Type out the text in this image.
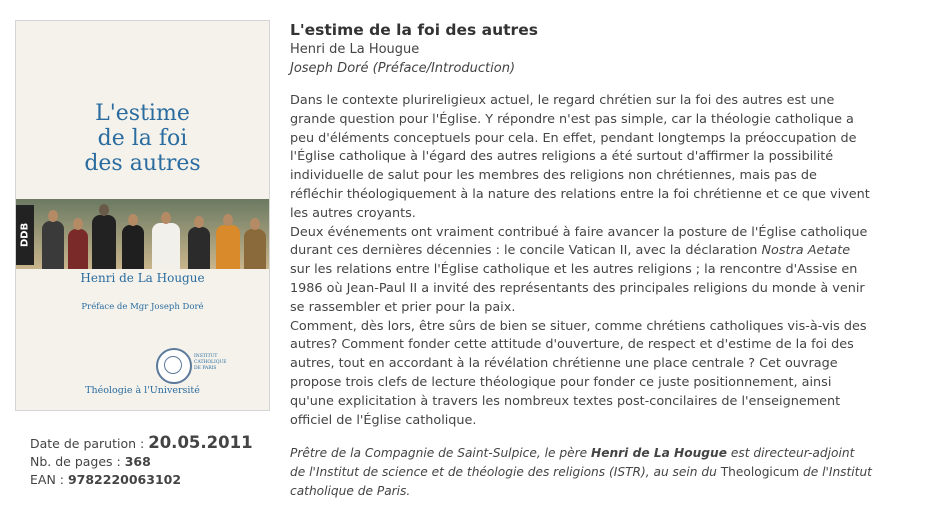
L'estime
de la foi
des autres
DDB
Henri de La Hougue
Préface de Mgr Joseph Doré
INSTITUT CATHOLIQUE DE PARIS
Théologie à l'Université
Date de parution : 20.05.2011
Nb. de pages : 368
EAN : 9782220063102
L'estime de la foi des autres
Henri de La Hougue
Joseph Doré (Préface/Introduction)

Dans le contexte plurireligieux actuel, le regard chrétien sur la foi des autres est une grande question pour l'Église. Y répondre n'est pas simple, car la théologie catholique a peu d'éléments conceptuels pour cela. En effet, pendant longtemps la préoccupation de l'Église catholique à l'égard des autres religions a été surtout d'affirmer la possibilité individuelle de salut pour les membres des religions non chrétiennes, mais pas de réfléchir théologiquement à la nature des relations entre la foi chrétienne et ce que vivent les autres croyants.

Deux événements ont vraiment contribué à faire avancer la posture de l'Église catholique durant ces dernières décennies : le concile Vatican II, avec la déclaration Nostra Aetate sur les relations entre l'Église catholique et les autres religions ; la rencontre d'Assise en 1986 où Jean-Paul II a invité des représentants des principales religions du monde à venir se rassembler et prier pour la paix.

Comment, dès lors, être sûrs de bien se situer, comme chrétiens catholiques vis-à-vis des autres? Comment fonder cette attitude d'ouverture, de respect et d'estime de la foi des autres, tout en accordant à la révélation chrétienne une place centrale ? Cet ouvrage propose trois clefs de lecture théologique pour fonder ce juste positionnement, ainsi qu'une explicitation à travers les nombreux textes post-concilaires de l'enseignement officiel de l'Église catholique.

Prêtre de la Compagnie de Saint-Sulpice, le père Henri de La Hougue est directeur-adjoint de l'Institut de science et de théologie des religions (ISTR), au sein du Theologicum de l'Institut catholique de Paris.
